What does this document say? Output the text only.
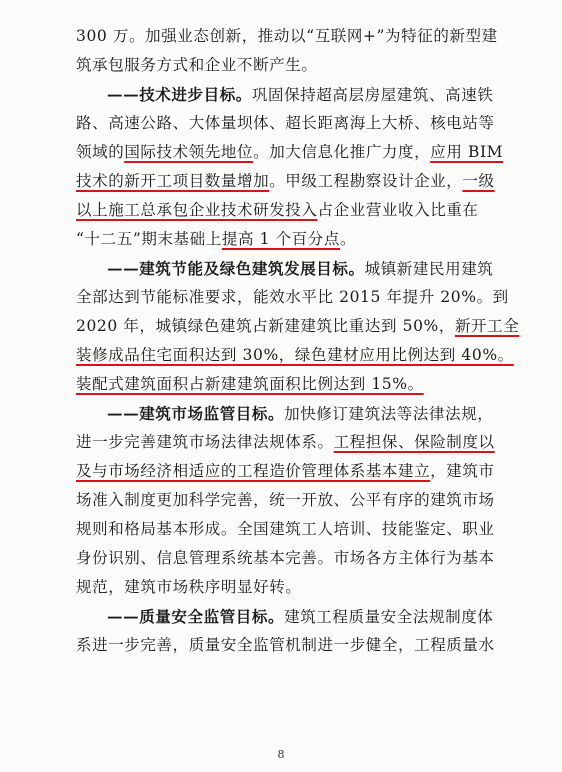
300 万。加强业态创新，推动以“互联网+”为特征的新型建
筑承包服务方式和企业不断产生。
——技术进步目标。巩固保持超高层房屋建筑、高速铁
路、高速公路、大体量坝体、超长距离海上大桥、核电站等
领域的国际技术领先地位。加大信息化推广力度，应用 BIM
技术的新开工项目数量增加。甲级工程勘察设计企业，一级
以上施工总承包企业技术研发投入占企业营业收入比重在
“十二五”期末基础上提高 1 个百分点。
——建筑节能及绿色建筑发展目标。城镇新建民用建筑
全部达到节能标准要求，能效水平比 2015 年提升 20%。到
2020 年，城镇绿色建筑占新建建筑比重达到 50%，新开工全
装修成品住宅面积达到 30%，绿色建材应用比例达到 40%。
装配式建筑面积占新建建筑面积比例达到 15%。
——建筑市场监管目标。加快修订建筑法等法律法规，
进一步完善建筑市场法律法规体系。工程担保、保险制度以
及与市场经济相适应的工程造价管理体系基本建立，建筑市
场准入制度更加科学完善，统一开放、公平有序的建筑市场
规则和格局基本形成。全国建筑工人培训、技能鉴定、职业
身份识别、信息管理系统基本完善。市场各方主体行为基本
规范，建筑市场秩序明显好转。
——质量安全监管目标。建筑工程质量安全法规制度体
系进一步完善，质量安全监管机制进一步健全，工程质量水
8
